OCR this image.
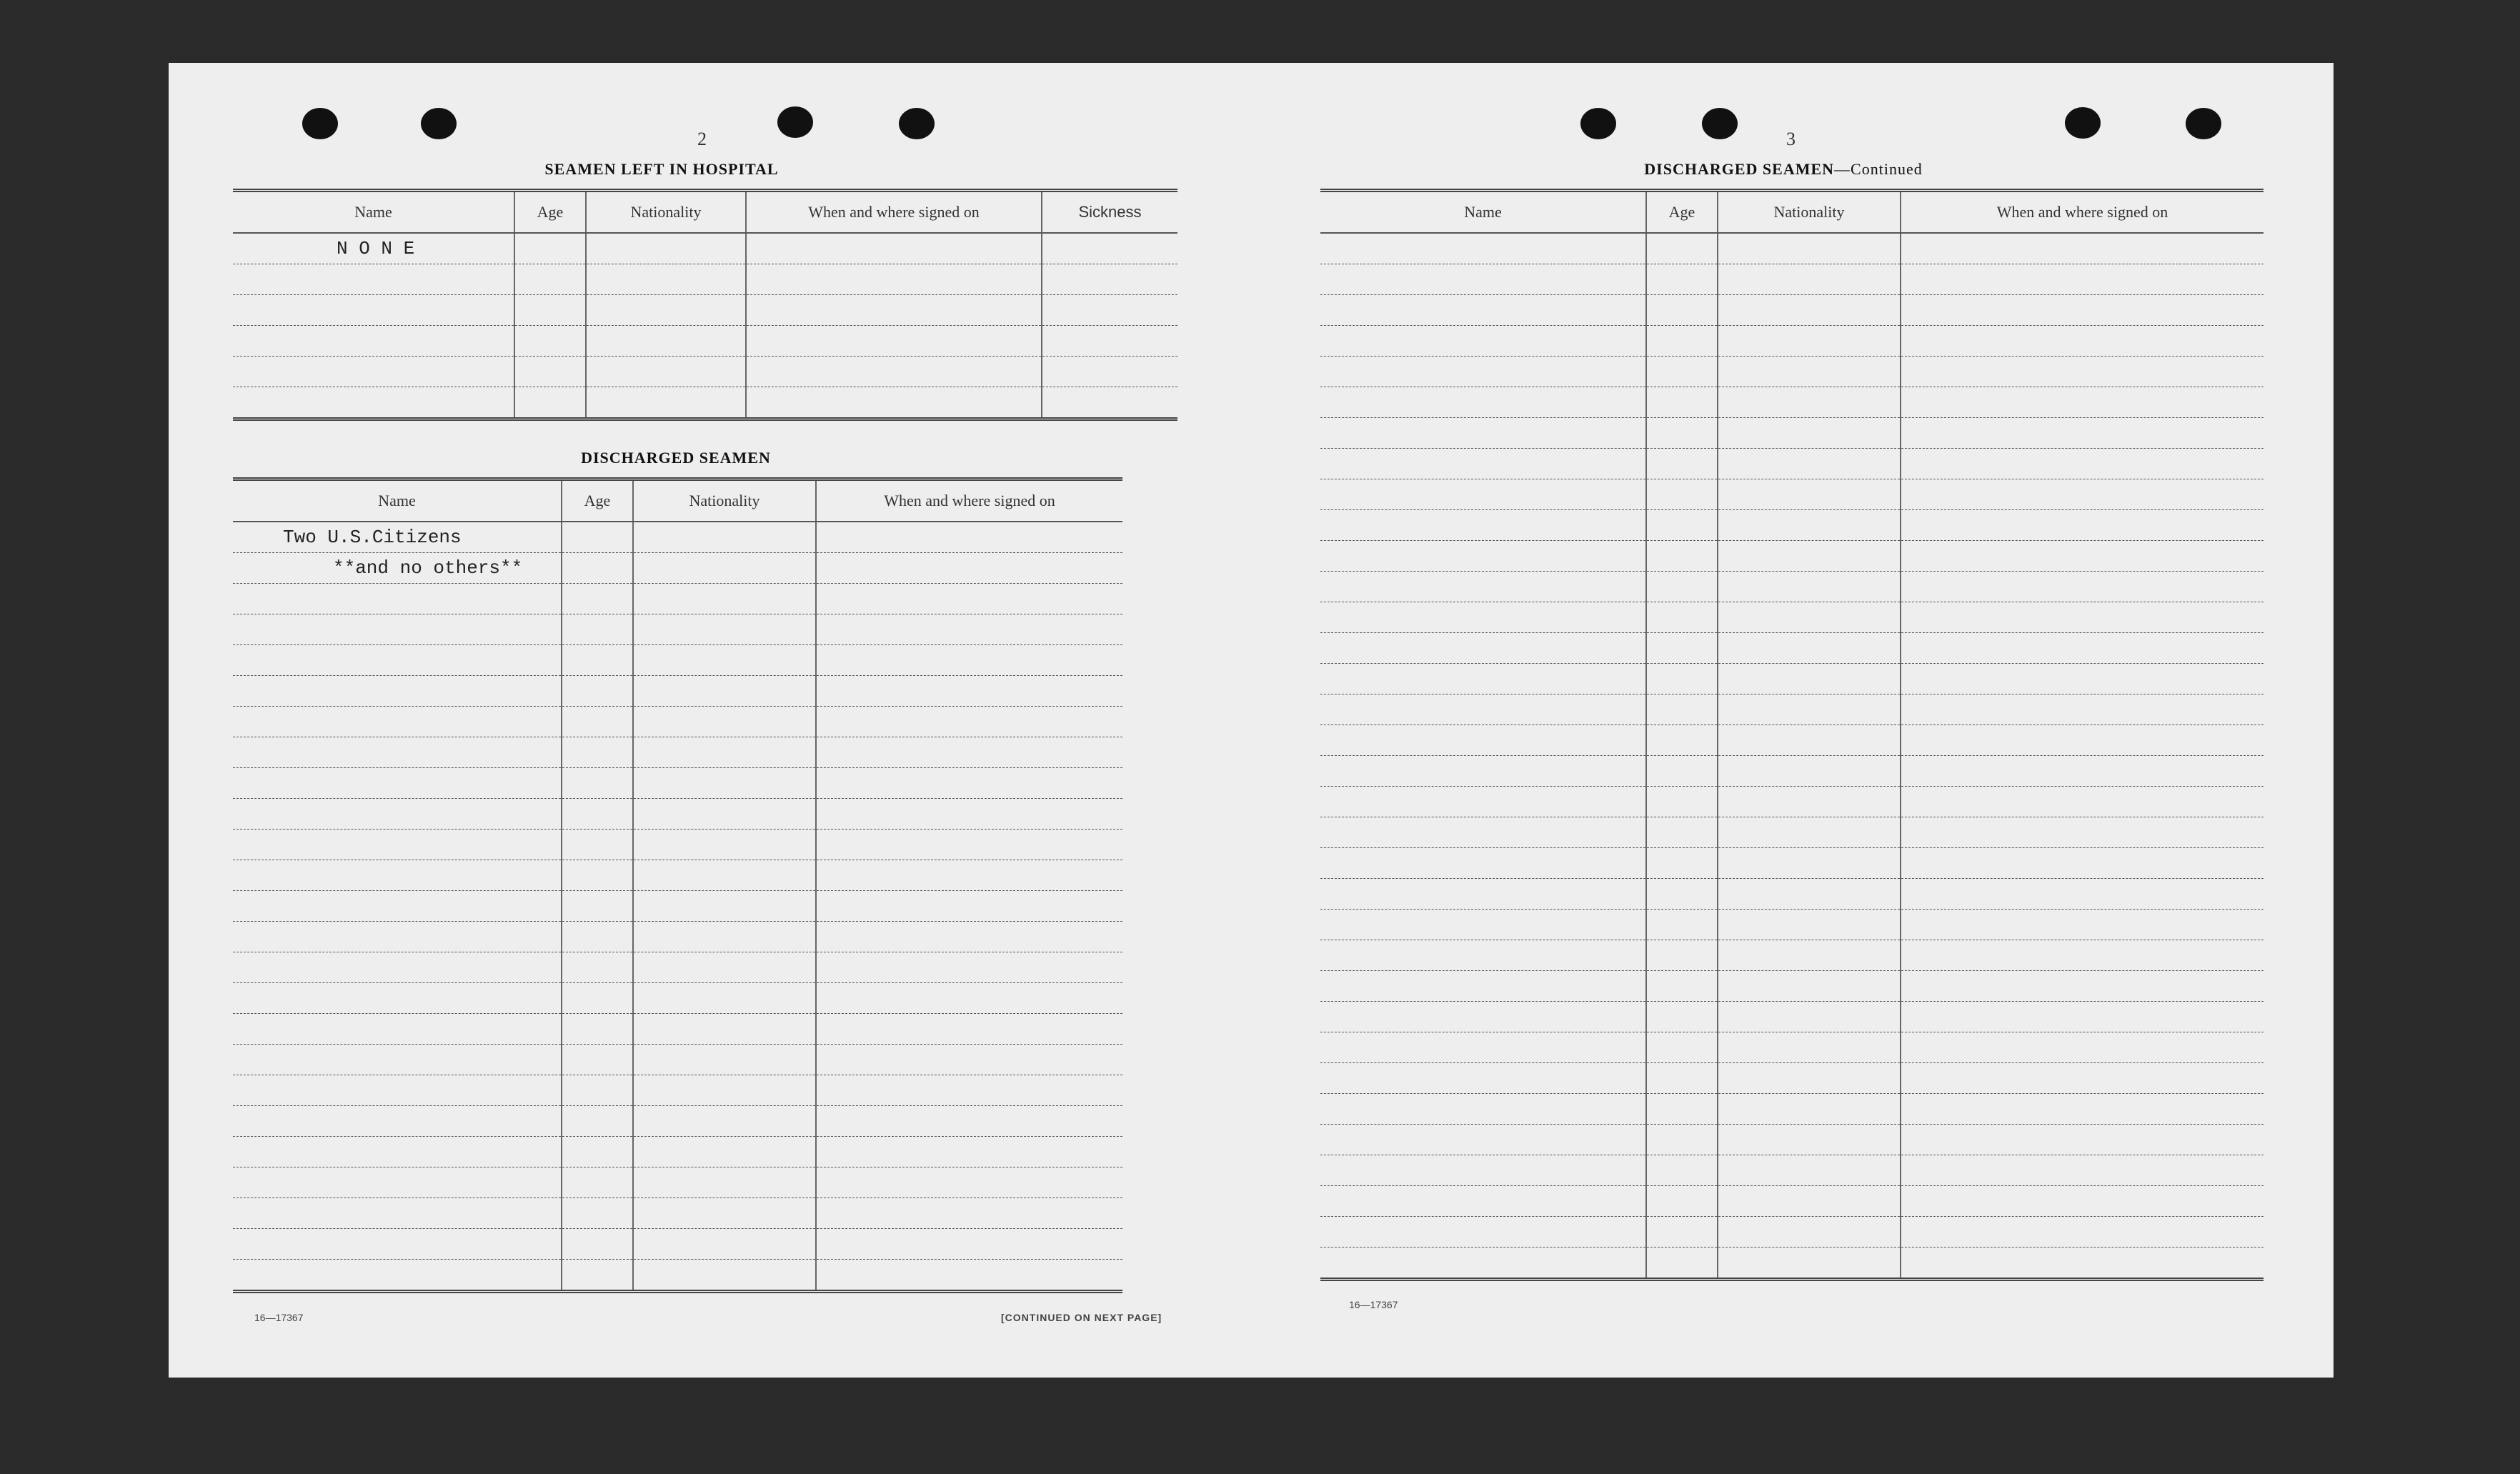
2
SEAMEN LEFT IN HOSPITAL
Name	Age	Nationality	When and where signed on	Sickness
N O N E				

DISCHARGED SEAMEN
Name	Age	Nationality	When and where signed on
Two U.S.Citizens			
**and no others**			

16—17367	[CONTINUED ON NEXT PAGE]
3
DISCHARGED SEAMEN—Continued
Name	Age	Nationality	When and where signed on

16—17367
